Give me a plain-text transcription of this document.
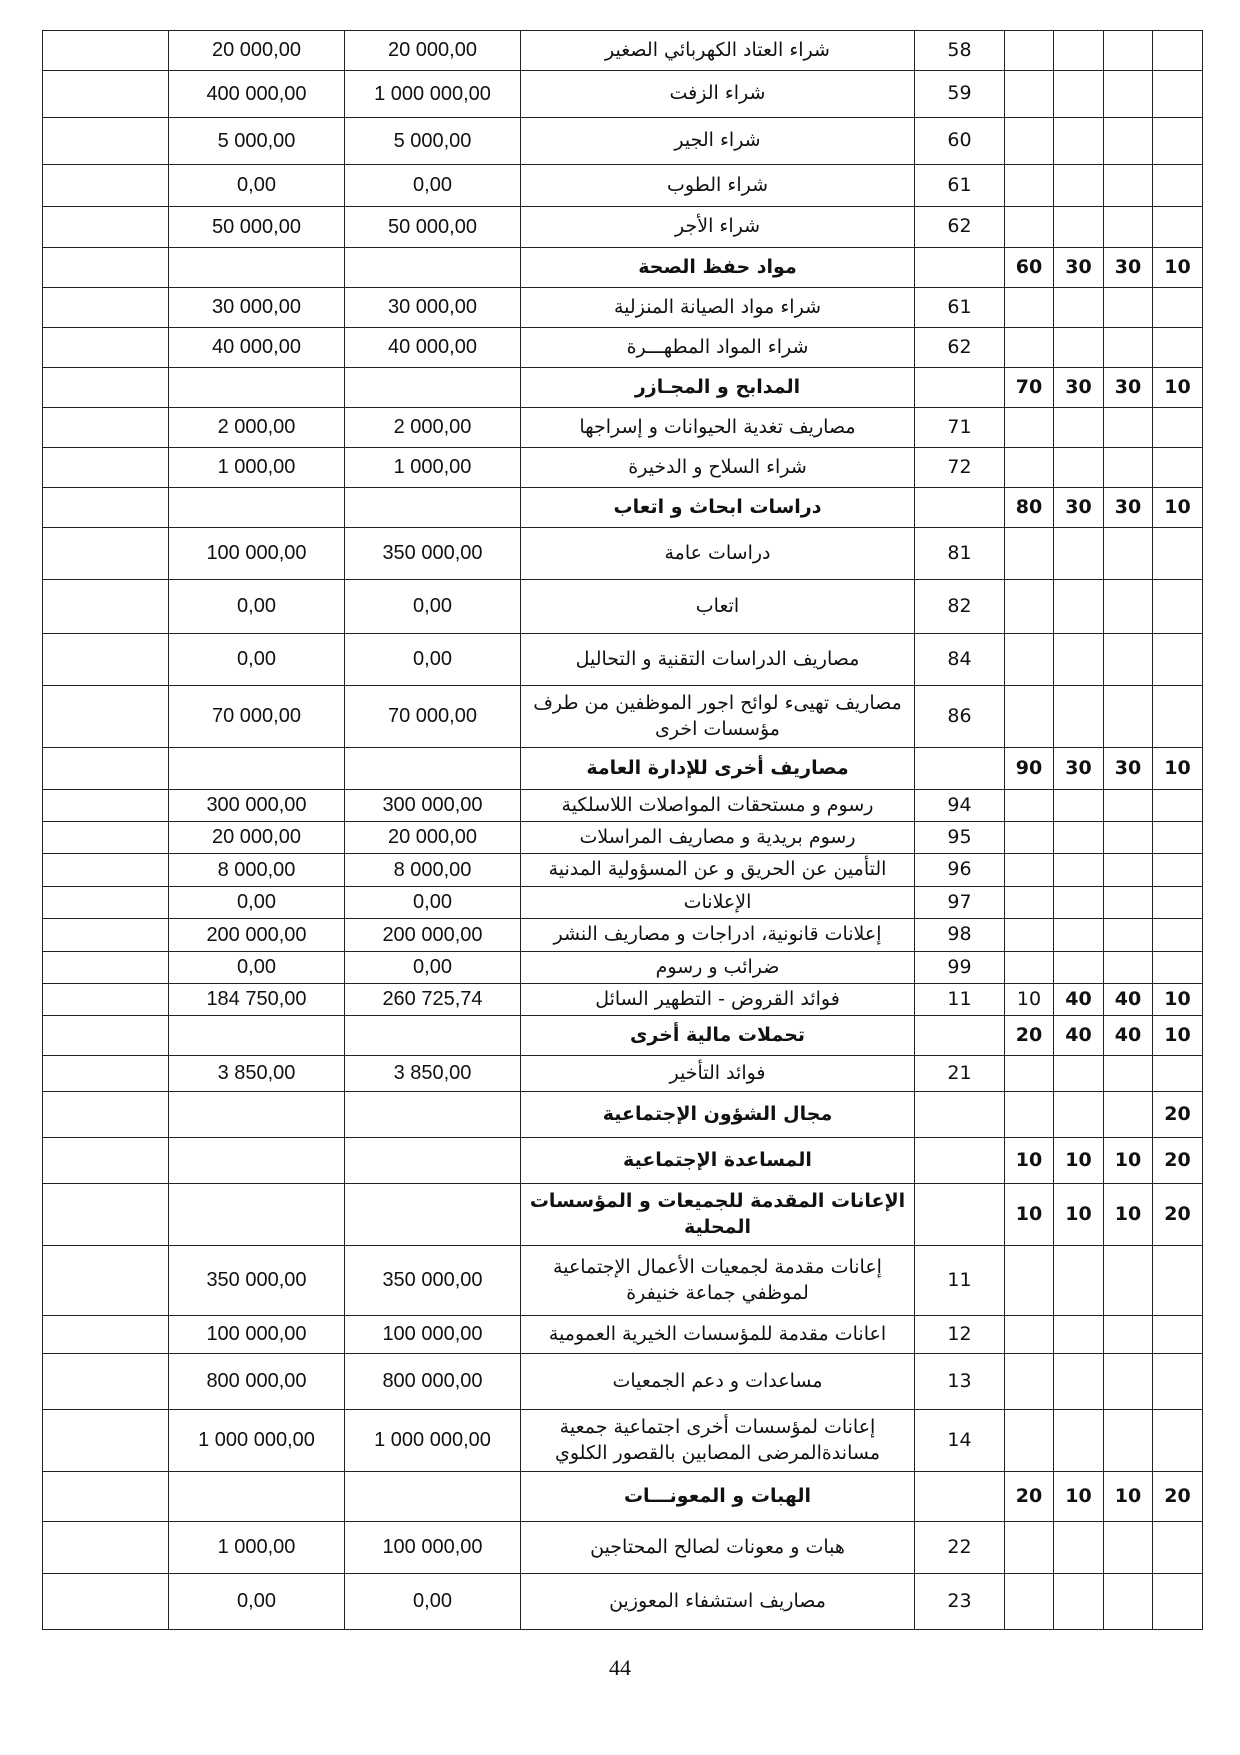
	20 000,00	20 000,00	شراء العتاد الكهربائي الصغير	58				
	400 000,00	1 000 000,00	شراء الزفت	59				
	5 000,00	5 000,00	شراء الجير	60				
	0,00	0,00	شراء الطوب	61				
	50 000,00	50 000,00	شراء الأجر	62				
			مواد حفظ الصحة		60	30	30	10
	30 000,00	30 000,00	شراء مواد الصيانة المنزلية	61				
	40 000,00	40 000,00	شراء المواد المطهـــرة	62				
			المدابح و المجـازر		70	30	30	10
	2 000,00	2 000,00	مصاريف تغدية الحيوانات و إسراجها	71				
	1 000,00	1 000,00	شراء السلاح و الدخيرة	72				
			دراسات ابحاث و اتعاب		80	30	30	10
	100 000,00	350 000,00	دراسات عامة	81				
	0,00	0,00	اتعاب	82				
	0,00	0,00	مصاريف الدراسات التقنية و التحاليل	84				
	70 000,00	70 000,00	مصاريف تهيىء لوائح اجور الموظفين من طرف مؤسسات اخرى	86				
			مصاريف أخرى للإدارة العامة		90	30	30	10
	300 000,00	300 000,00	رسوم و مستحقات المواصلات اللاسلكية	94				
	20 000,00	20 000,00	رسوم بريدية و مصاريف المراسلات	95				
	8 000,00	8 000,00	التأمين عن الحريق و عن المسؤولية المدنية	96				
	0,00	0,00	الإعلانات	97				
	200 000,00	200 000,00	إعلانات قانونية، ادراجات و مصاريف النشر	98				
	0,00	0,00	ضرائب و رسوم	99				
	184 750,00	260 725,74	فوائد القروض - التطهير السائل	11	10	40	40	10
			تحملات مالية أخرى		20	40	40	10
	3 850,00	3 850,00	فوائد التأخير	21				
			مجال الشؤون الإجتماعية					20
			المساعدة الإجتماعية		10	10	10	20
			الإعانات المقدمة للجميعات و المؤسسات المحلية		10	10	10	20
	350 000,00	350 000,00	إعانات مقدمة لجمعيات الأعمال الإجتماعية لموظفي جماعة خنيفرة	11				
	100 000,00	100 000,00	اعانات مقدمة للمؤسسات الخيرية العمومية	12				
	800 000,00	800 000,00	مساعدات و دعم الجمعيات	13				
	1 000 000,00	1 000 000,00	إعانات لمؤسسات أخرى اجتماعية جمعية مساندةالمرضى المصابين بالقصور الكلوي	14				
			الهبات و المعونـــات		20	10	10	20
	1 000,00	100 000,00	هبات و معونات لصالح المحتاجين	22				
	0,00	0,00	مصاريف استشفاء المعوزين	23				
44
